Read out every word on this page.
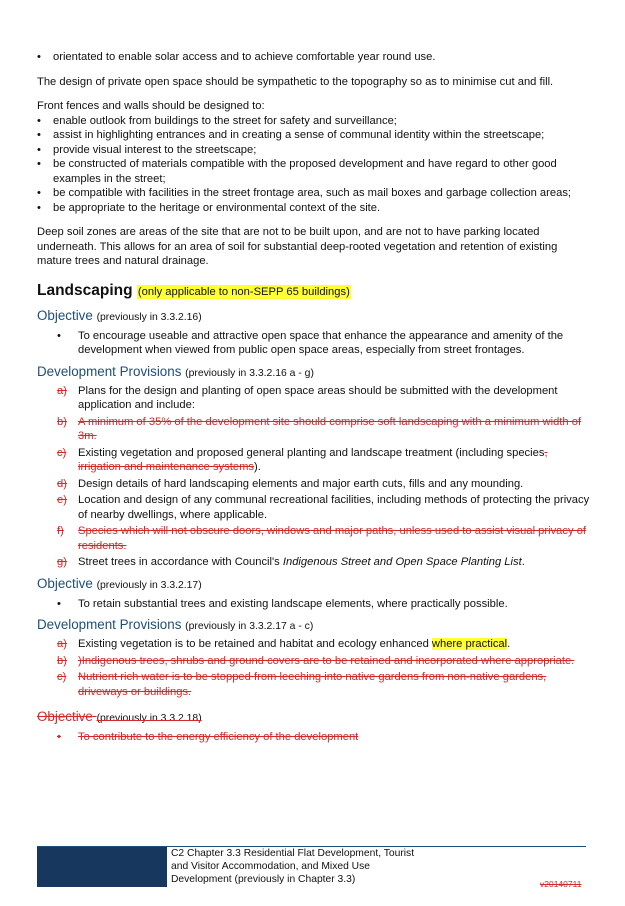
• orientated to enable solar access and to achieve comfortable year round use.
The design of private open space should be sympathetic to the topography so as to minimise cut and fill.
Front fences and walls should be designed to:
• enable outlook from buildings to the street for safety and surveillance;
• assist in highlighting entrances and in creating a sense of communal identity within the streetscape;
• provide visual interest to the streetscape;
• be constructed of materials compatible with the proposed development and have regard to other good examples in the street;
• be compatible with facilities in the street frontage area, such as mail boxes and garbage collection areas;
• be appropriate to the heritage or environmental context of the site.
Deep soil zones are areas of the site that are not to be built upon, and are not to have parking located underneath. This allows for an area of soil for substantial deep-rooted vegetation and retention of existing mature trees and natural drainage.
Landscaping (only applicable to non-SEPP 65 buildings)
Objective (previously in 3.3.2.16)
• To encourage useable and attractive open space that enhance the appearance and amenity of the development when viewed from public open space areas, especially from street frontages.
Development Provisions (previously in 3.3.2.16 a - g)
a) Plans for the design and planting of open space areas should be submitted with the development application and include:
b) A minimum of 35% of the development site should comprise soft landscaping with a minimum width of 3m.
c) Existing vegetation and proposed general planting and landscape treatment (including species, irrigation and maintenance systems).
d) Design details of hard landscaping elements and major earth cuts, fills and any mounding.
e) Location and design of any communal recreational facilities, including methods of protecting the privacy of nearby dwellings, where applicable.
f) Species which will not obscure doors, windows and major paths, unless used to assist visual privacy of residents.
g) Street trees in accordance with Council's Indigenous Street and Open Space Planting List.
Objective (previously in 3.3.2.17)
• To retain substantial trees and existing landscape elements, where practically possible.
Development Provisions (previously in 3.3.2.17 a - c)
a) Existing vegetation is to be retained and habitat and ecology enhanced where practical.
b) )Indigenous trees, shrubs and ground covers are to be retained and incorporated where appropriate.
c) Nutrient rich water is to be stopped from leeching into native gardens from non-native gardens, driveways or buildings.
Objective (previously in 3.3.2.18)
• To contribute to the energy efficiency of the development
C2 Chapter 3.3 Residential Flat Development, Tourist
and Visitor Accommodation, and Mixed Use
Development (previously in Chapter 3.3)	v20140711
